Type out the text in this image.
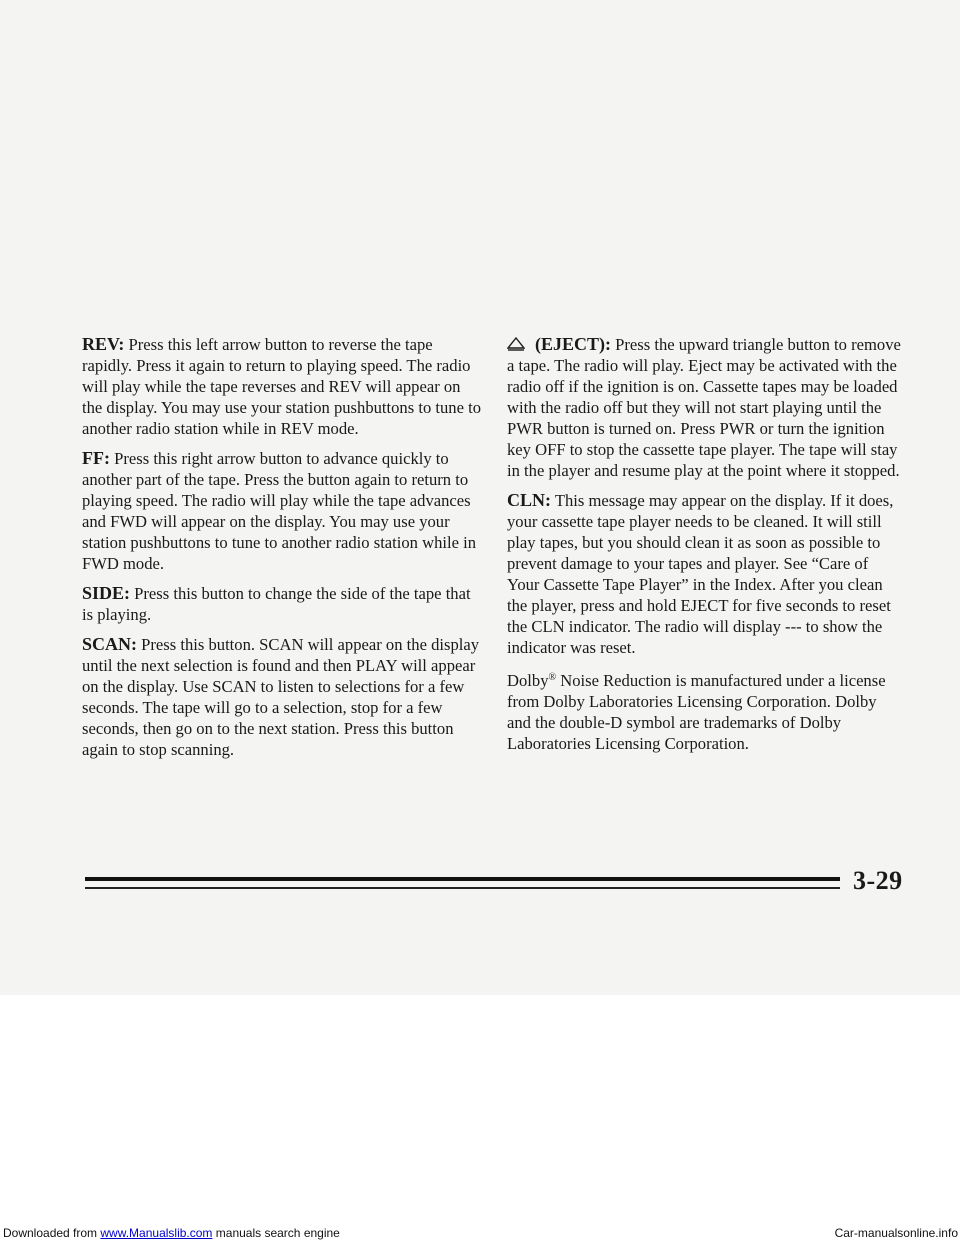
REV: Press this left arrow button to reverse the tape rapidly. Press it again to return to playing speed. The radio will play while the tape reverses and REV will appear on the display. You may use your station pushbuttons to tune to another radio station while in REV mode.

FF: Press this right arrow button to advance quickly to another part of the tape. Press the button again to return to playing speed. The radio will play while the tape advances and FWD will appear on the display. You may use your station pushbuttons to tune to another radio station while in FWD mode.

SIDE: Press this button to change the side of the tape that is playing.

SCAN: Press this button. SCAN will appear on the display until the next selection is found and then PLAY will appear on the display. Use SCAN to listen to selections for a few seconds. The tape will go to a selection, stop for a few seconds, then go on to the next station. Press this button again to stop scanning.

(EJECT): Press the upward triangle button to remove a tape. The radio will play. Eject may be activated with the radio off if the ignition is on. Cassette tapes may be loaded with the radio off but they will not start playing until the PWR button is turned on. Press PWR or turn the ignition key OFF to stop the cassette tape player. The tape will stay in the player and resume play at the point where it stopped.

CLN: This message may appear on the display. If it does, your cassette tape player needs to be cleaned. It will still play tapes, but you should clean it as soon as possible to prevent damage to your tapes and player. See “Care of Your Cassette Tape Player” in the Index. After you clean the player, press and hold EJECT for five seconds to reset the CLN indicator. The radio will display --- to show the indicator was reset.

Dolby® Noise Reduction is manufactured under a license from Dolby Laboratories Licensing Corporation. Dolby and the double-D symbol are trademarks of Dolby Laboratories Licensing Corporation.

3-29
Downloaded from www.Manualslib.com manuals search engine	Car-manualsonline.info
